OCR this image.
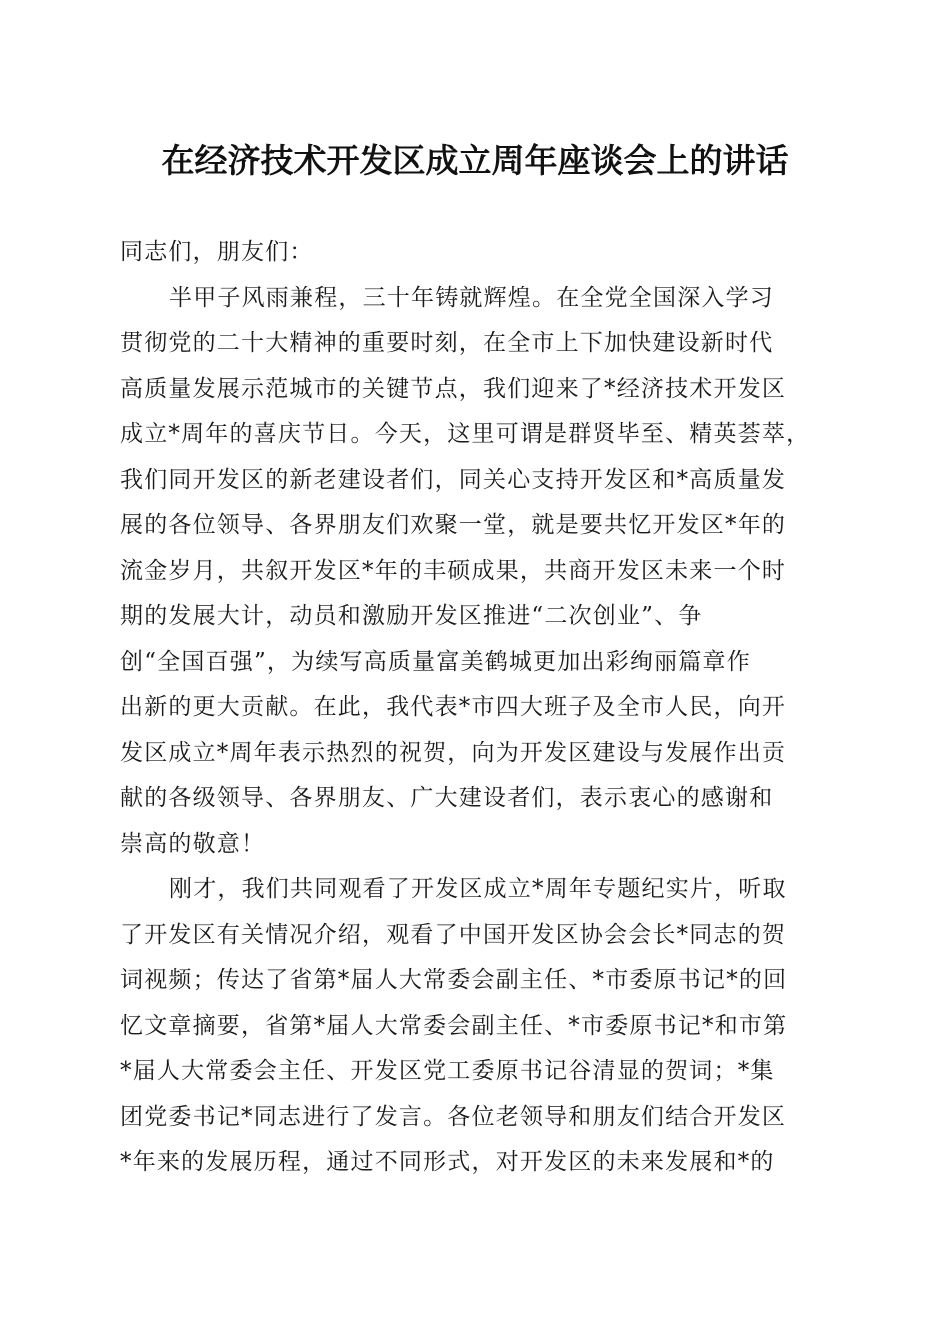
在经济技术开发区成立周年座谈会上的讲话
同志们，朋友们：
半甲子风雨兼程，三十年铸就辉煌。在全党全国深入学习
贯彻党的二十大精神的重要时刻，在全市上下加快建设新时代
高质量发展示范城市的关键节点，我们迎来了*经济技术开发区
成立*周年的喜庆节日。今天，这里可谓是群贤毕至、精英荟萃，
我们同开发区的新老建设者们，同关心支持开发区和*高质量发
展的各位领导、各界朋友们欢聚一堂，就是要共忆开发区*年的
流金岁月，共叙开发区*年的丰硕成果，共商开发区未来一个时
期的发展大计，动员和激励开发区推进“二次创业”、争
创“全国百强”，为续写高质量富美鹤城更加出彩绚丽篇章作
出新的更大贡献。在此，我代表*市四大班子及全市人民，向开
发区成立*周年表示热烈的祝贺，向为开发区建设与发展作出贡
献的各级领导、各界朋友、广大建设者们，表示衷心的感谢和
崇高的敬意！
刚才，我们共同观看了开发区成立*周年专题纪实片，听取
了开发区有关情况介绍，观看了中国开发区协会会长*同志的贺
词视频；传达了省第*届人大常委会副主任、*市委原书记*的回
忆文章摘要，省第*届人大常委会副主任、*市委原书记*和市第
*届人大常委会主任、开发区党工委原书记谷清显的贺词；*集
团党委书记*同志进行了发言。各位老领导和朋友们结合开发区
*年来的发展历程，通过不同形式，对开发区的未来发展和*的
